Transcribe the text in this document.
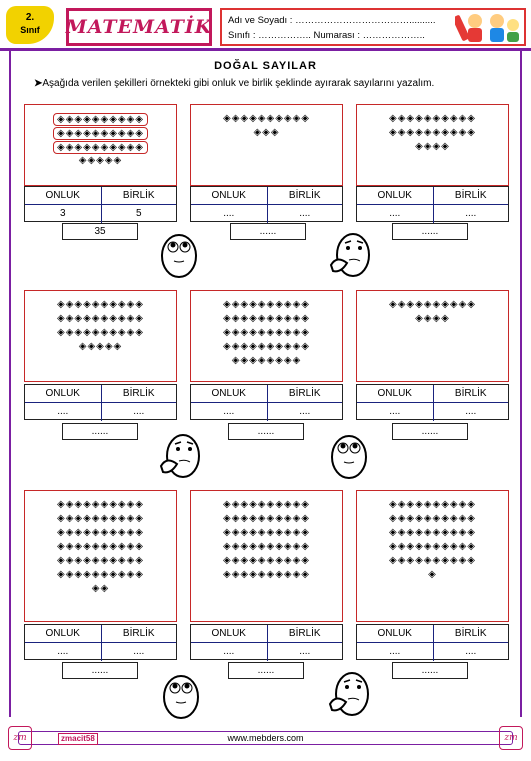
2.
Sınıf	MATEMATİK Adı ve Soyadı : ………………………………..........
Sınıfı : …………….. Numarası : ………………..
DOĞAL SAYILAR
➤Aşağıda verilen şekilleri örnekteki gibi onluk ve birlik şeklinde ayırarak sayılarını yazalım.
◈◈◈◈◈◈◈◈◈◈
◈◈◈◈◈◈◈◈◈◈
◈◈◈◈◈◈◈◈◈◈
◈◈◈◈◈
ONLUK	BİRLİK
3	5
35
◈◈◈◈◈◈◈◈◈◈
◈◈◈
ONLUK	BİRLİK
....	....
......
◈◈◈◈◈◈◈◈◈◈
◈◈◈◈◈◈◈◈◈◈
◈◈◈◈
ONLUK	BİRLİK
....	....
......
◈◈◈◈◈◈◈◈◈◈
◈◈◈◈◈◈◈◈◈◈
◈◈◈◈◈◈◈◈◈◈
◈◈◈◈◈
ONLUK	BİRLİK
....	....
......
◈◈◈◈◈◈◈◈◈◈
◈◈◈◈◈◈◈◈◈◈
◈◈◈◈◈◈◈◈◈◈
◈◈◈◈◈◈◈◈◈◈
◈◈◈◈◈◈◈◈
ONLUK	BİRLİK
....	....
......
◈◈◈◈◈◈◈◈◈◈
◈◈◈◈
ONLUK	BİRLİK
....	....
......
◈◈◈◈◈◈◈◈◈◈
◈◈◈◈◈◈◈◈◈◈
◈◈◈◈◈◈◈◈◈◈
◈◈◈◈◈◈◈◈◈◈
◈◈◈◈◈◈◈◈◈◈
◈◈◈◈◈◈◈◈◈◈
◈◈
ONLUK	BİRLİK
....	....
......
◈◈◈◈◈◈◈◈◈◈
◈◈◈◈◈◈◈◈◈◈
◈◈◈◈◈◈◈◈◈◈
◈◈◈◈◈◈◈◈◈◈
◈◈◈◈◈◈◈◈◈◈
◈◈◈◈◈◈◈◈◈◈
ONLUK	BİRLİK
....	....
......
◈◈◈◈◈◈◈◈◈◈
◈◈◈◈◈◈◈◈◈◈
◈◈◈◈◈◈◈◈◈◈
◈◈◈◈◈◈◈◈◈◈
◈◈◈◈◈◈◈◈◈◈
◈
ONLUK	BİRLİK
....	....
......
www.mebders.com
zmacit58
zm	zm
